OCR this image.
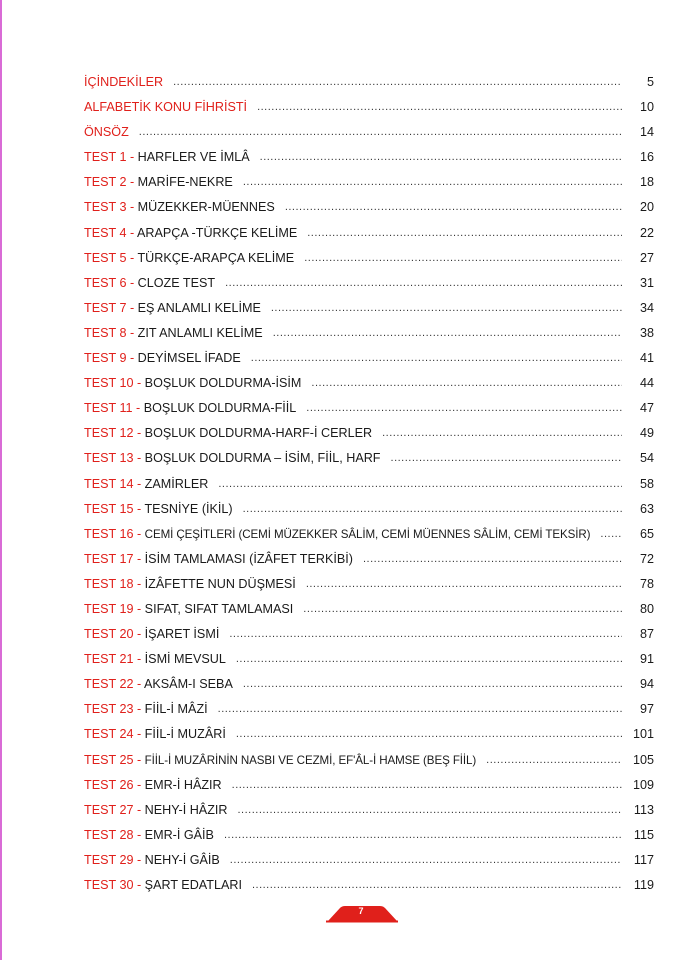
İÇİNDEKİLER .....	5
ALFABETİK KONU FİHRİSTİ .....	10
ÖNSÖZ .....	14
TEST 1 - HARFLER VE İMLÂ .....	16
TEST 2 - MARİFE-NEKRE .....	18
TEST 3 - MÜZEKKER-MÜENNES .....	20
TEST 4 - ARAPÇA -TÜRKÇE KELİME .....	22
TEST 5 - TÜRKÇE-ARAPÇA KELİME .....	27
TEST 6 - CLOZE TEST .....	31
TEST 7 - EŞ ANLAMLI KELİME .....	34
TEST 8 - ZIT ANLAMLI KELİME .....	38
TEST 9 - DEYİMSEL İFADE .....	41
TEST 10 - BOŞLUK DOLDURMA-İSİM .....	44
TEST 11 - BOŞLUK DOLDURMA-FİİL .....	47
TEST 12 - BOŞLUK DOLDURMA-HARF-İ CERLER .....	49
TEST 13 - BOŞLUK DOLDURMA – İSİM, FİİL, HARF .....	54
TEST 14 - ZAMİRLER .....	58
TEST 15 - TESNİYE (İKİL) .....	63
TEST 16 - CEMİ ÇEŞİTLERİ (CEMİ MÜZEKKER SÂLİM, CEMİ MÜENNES SÂLİM, CEMİ TEKSİR) .....	65
TEST 17 - İSİM TAMLAMASI (İZÂFET TERKİBİ) .....	72
TEST 18 - İZÂFETTE NUN DÜŞMESİ .....	78
TEST 19 - SIFAT, SIFAT TAMLAMASI .....	80
TEST 20 - İŞARET İSMİ .....	87
TEST 21 - İSMİ MEVSUL .....	91
TEST 22 - AKSÂM-I SEBA .....	94
TEST 23 - FİİL-İ MÂZİ .....	97
TEST 24 - FİİL-İ MUZÂRİ .....	101
TEST 25 - FİİL-İ MUZÂRİNİN NASBI VE CEZMİ, EF'ÂL-İ HAMSE (BEŞ FİİL) .....	105
TEST 26 - EMR-İ HÂZIR .....	109
TEST 27 - NEHY-İ HÂZIR .....	113
TEST 28 - EMR-İ GÂİB .....	115
TEST 29 - NEHY-İ GÂİB .....	117
TEST 30 - ŞART EDATLARI .....	119
7
